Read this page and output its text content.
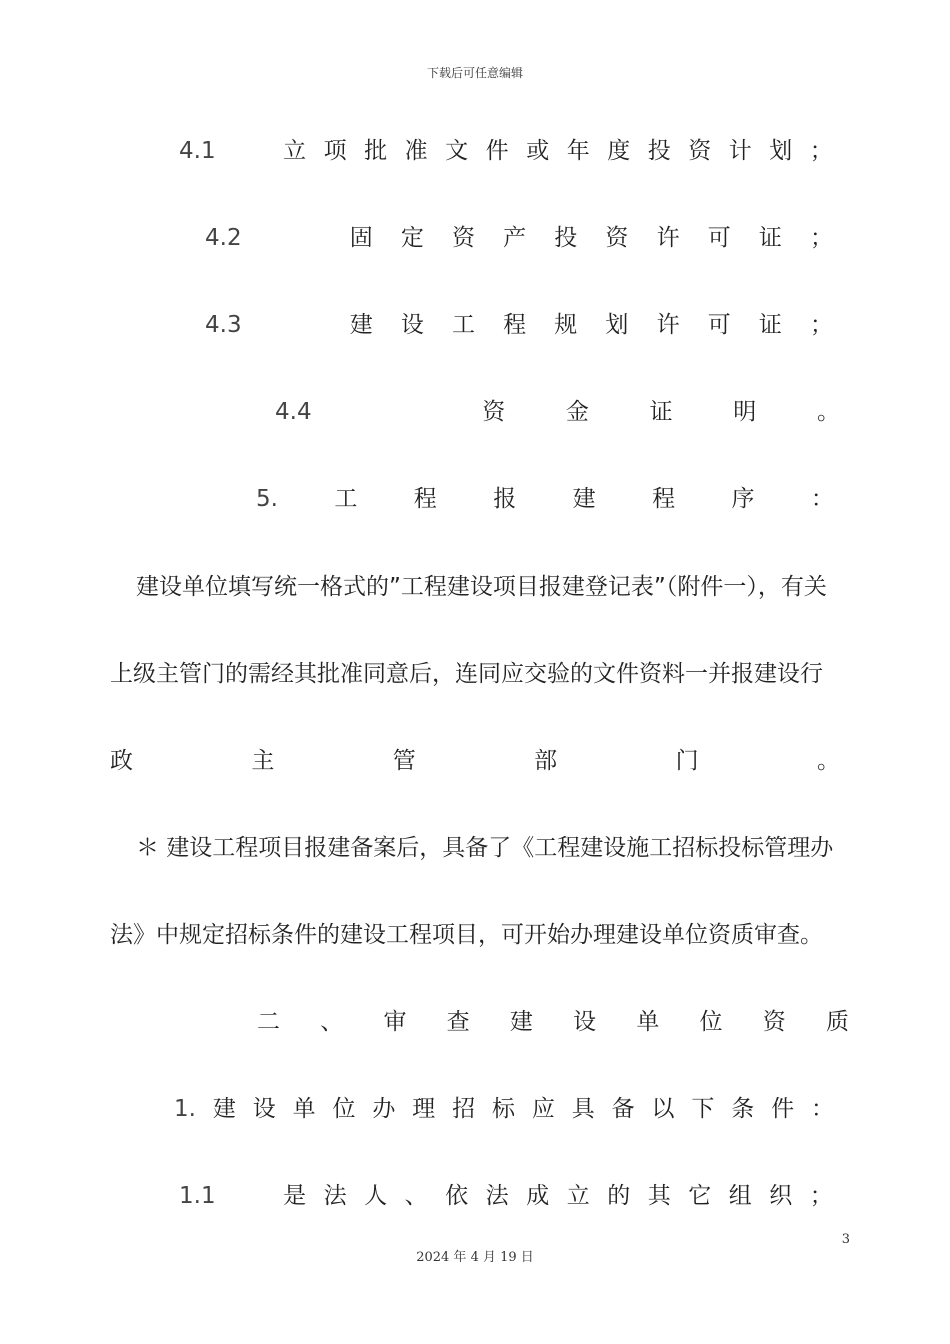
下载后可任意编辑
4.1	立 项 批 准 文 件 或 年 度 投 资 计 划 ；
4.2	固 定 资 产 投 资 许 可 证 ；
4.3	建 设 工 程 规 划 许 可 证 ；
4.4	资	金	证	明	。
5. 工 程 报 建 程 序 ：
建设单位填写统一格式的”工程建设项目报建登记表”（附件一），有关
上级主管门的需经其批准同意后，连同应交验的文件资料一并报建设行
政	主	管	部	门	。
＊ 建设工程项目报建备案后，具备了《工程建设施工招标投标管理办
法》中规定招标条件的建设工程项目，可开始办理建设单位资质审查。
二 、 审 查 建 设 单 位 资 质
1. 建 设 单 位 办 理 招 标 应 具 备 以 下 条 件 ：
1.1	是 法 人 、 依 法 成 立 的 其 它 组 织 ；
3
2024 年 4 月 19 日
